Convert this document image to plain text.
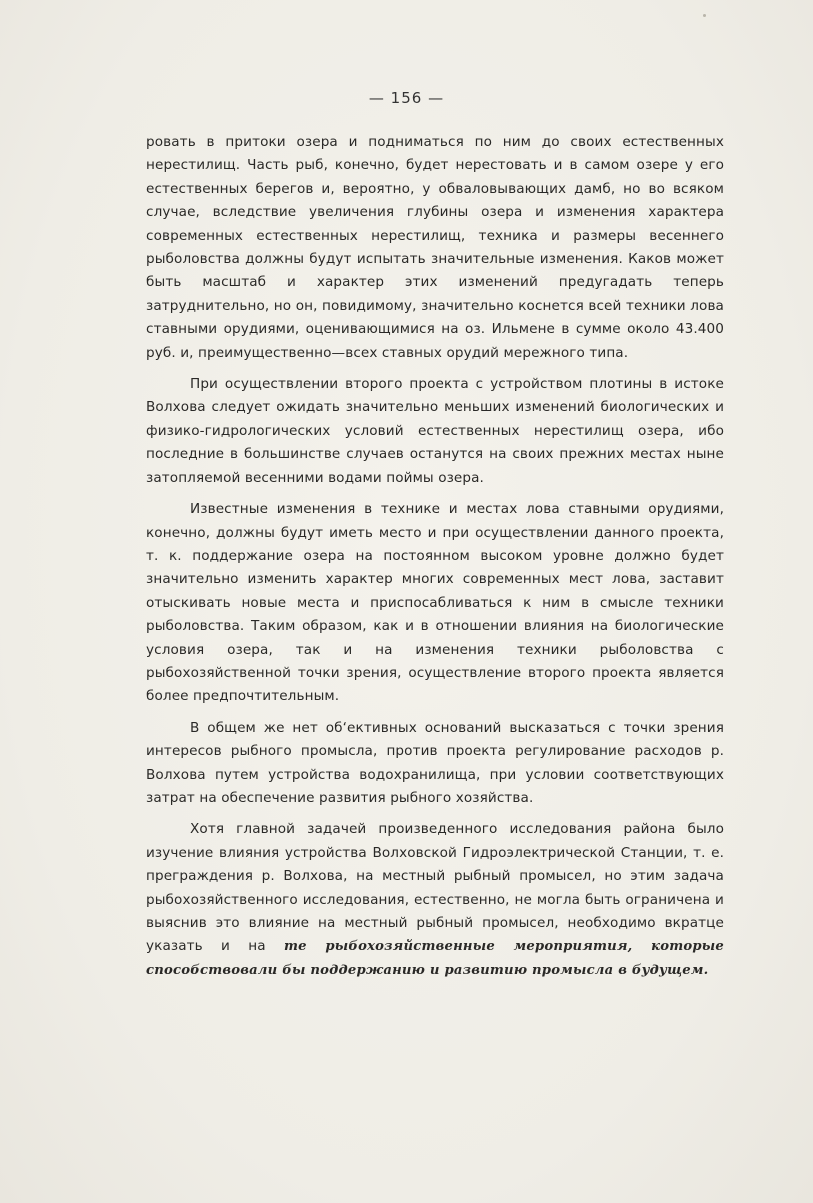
— 156 —

ровать в притоки озера и подниматься по ним до своих естественных нерестилищ. Часть рыб, конечно, будет нерестовать и в самом озере у его естественных берегов и, вероятно, у обваловывающих дамб, но во всяком случае, вследствие увеличения глубины озера и изменения характера современных естественных нерестилищ, техника и размеры весеннего рыболовства должны будут испытать значительные изменения. Каков может быть масштаб и характер этих изменений предугадать теперь затруднительно, но он, повидимому, значительно коснется всей техники лова ставными орудиями, оценивающимися на оз. Ильмене в сумме около 43.400 руб. и, преимущественно—всех ставных орудий мережного типа.

При осуществлении второго проекта с устройством плотины в истоке Волхова следует ожидать значительно меньших изменений биологических и физико-гидрологических условий естественных нерестилищ озера, ибо последние в большинстве случаев останутся на своих прежних местах ныне затопляемой весенними водами поймы озера.

Известные изменения в технике и местах лова ставными орудиями, конечно, должны будут иметь место и при осуществлении данного проекта, т. к. поддержание озера на постоянном высоком уровне должно будет значительно изменить характер многих современных мест лова, заставит отыскивать новые места и приспосабливаться к ним в смысле техники рыболовства. Таким образом, как и в отношении влияния на биологические условия озера, так и на изменения техники рыболовства с рыбохозяйственной точки зрения, осуществление второго проекта является более предпочтительным.

В общем же нет об‘ективных оснований высказаться с точки зрения интересов рыбного промысла, против проекта регулирование расходов р. Волхова путем устройства водохранилища, при условии соответствующих затрат на обеспечение развития рыбного хозяйства.

Хотя главной задачей произведенного исследования района было изучение влияния устройства Волховской Гидроэлектрической Станции, т. е. преграждения р. Волхова, на местный рыбный промысел, но этим задача рыбохозяйственного исследования, естественно, не могла быть ограничена и выяснив это влияние на местный рыбный промысел, необходимо вкратце указать и на те рыбохозяйственные мероприятия, которые способствовали бы поддержанию и развитию промысла в будущем.
